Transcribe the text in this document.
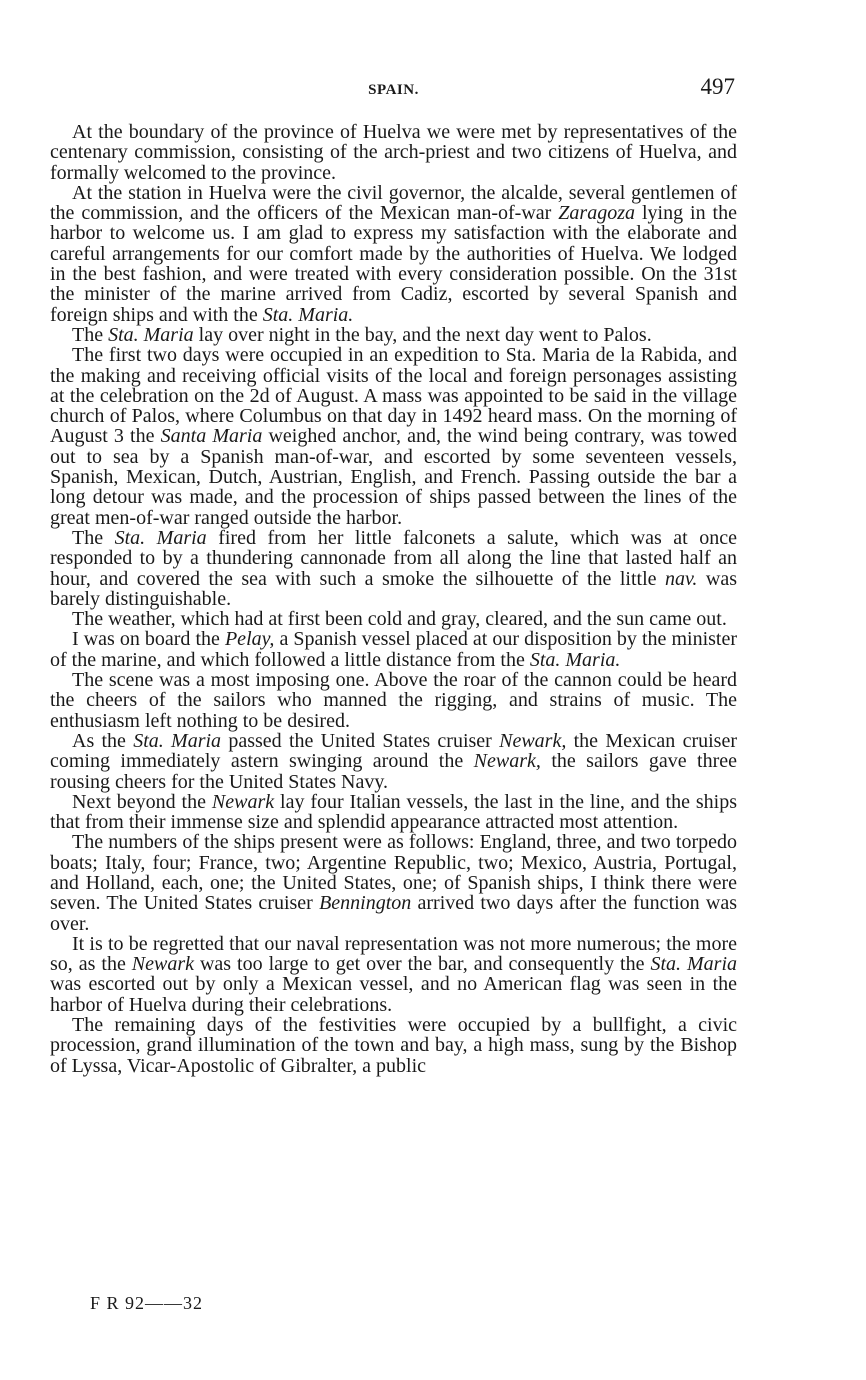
SPAIN.	497

At the boundary of the province of Huelva we were met by representatives of the centenary commission, consisting of the arch-priest and two citizens of Huelva, and formally welcomed to the province.

At the station in Huelva were the civil governor, the alcalde, several gentlemen of the commission, and the officers of the Mexican man-of-war Zaragoza lying in the harbor to welcome us. I am glad to express my satisfaction with the elaborate and careful arrangements for our comfort made by the authorities of Huelva. We lodged in the best fashion, and were treated with every consideration possible. On the 31st the minister of the marine arrived from Cadiz, escorted by several Spanish and foreign ships and with the Sta. Maria.

The Sta. Maria lay over night in the bay, and the next day went to Palos.

The first two days were occupied in an expedition to Sta. Maria de la Rabida, and the making and receiving official visits of the local and foreign personages assisting at the celebration on the 2d of August. A mass was appointed to be said in the village church of Palos, where Columbus on that day in 1492 heard mass. On the morning of August 3 the Santa Maria weighed anchor, and, the wind being contrary, was towed out to sea by a Spanish man-of-war, and escorted by some seventeen vessels, Spanish, Mexican, Dutch, Austrian, English, and French. Passing outside the bar a long detour was made, and the procession of ships passed between the lines of the great men-of-war ranged outside the harbor.

The Sta. Maria fired from her little falconets a salute, which was at once responded to by a thundering cannonade from all along the line that lasted half an hour, and covered the sea with such a smoke the silhouette of the little nav. was barely distinguishable.

The weather, which had at first been cold and gray, cleared, and the sun came out.

I was on board the Pelay, a Spanish vessel placed at our disposition by the minister of the marine, and which followed a little distance from the Sta. Maria.

The scene was a most imposing one. Above the roar of the cannon could be heard the cheers of the sailors who manned the rigging, and strains of music. The enthusiasm left nothing to be desired.

As the Sta. Maria passed the United States cruiser Newark, the Mexican cruiser coming immediately astern swinging around the Newark, the sailors gave three rousing cheers for the United States Navy.

Next beyond the Newark lay four Italian vessels, the last in the line, and the ships that from their immense size and splendid appearance attracted most attention.

The numbers of the ships present were as follows: England, three, and two torpedo boats; Italy, four; France, two; Argentine Republic, two; Mexico, Austria, Portugal, and Holland, each, one; the United States, one; of Spanish ships, I think there were seven. The United States cruiser Bennington arrived two days after the function was over.

It is to be regretted that our naval representation was not more numerous; the more so, as the Newark was too large to get over the bar, and consequently the Sta. Maria was escorted out by only a Mexican vessel, and no American flag was seen in the harbor of Huelva during their celebrations.

The remaining days of the festivities were occupied by a bullfight, a civic procession, grand illumination of the town and bay, a high mass, sung by the Bishop of Lyssa, Vicar-Apostolic of Gibralter, a public

F R 92——32
